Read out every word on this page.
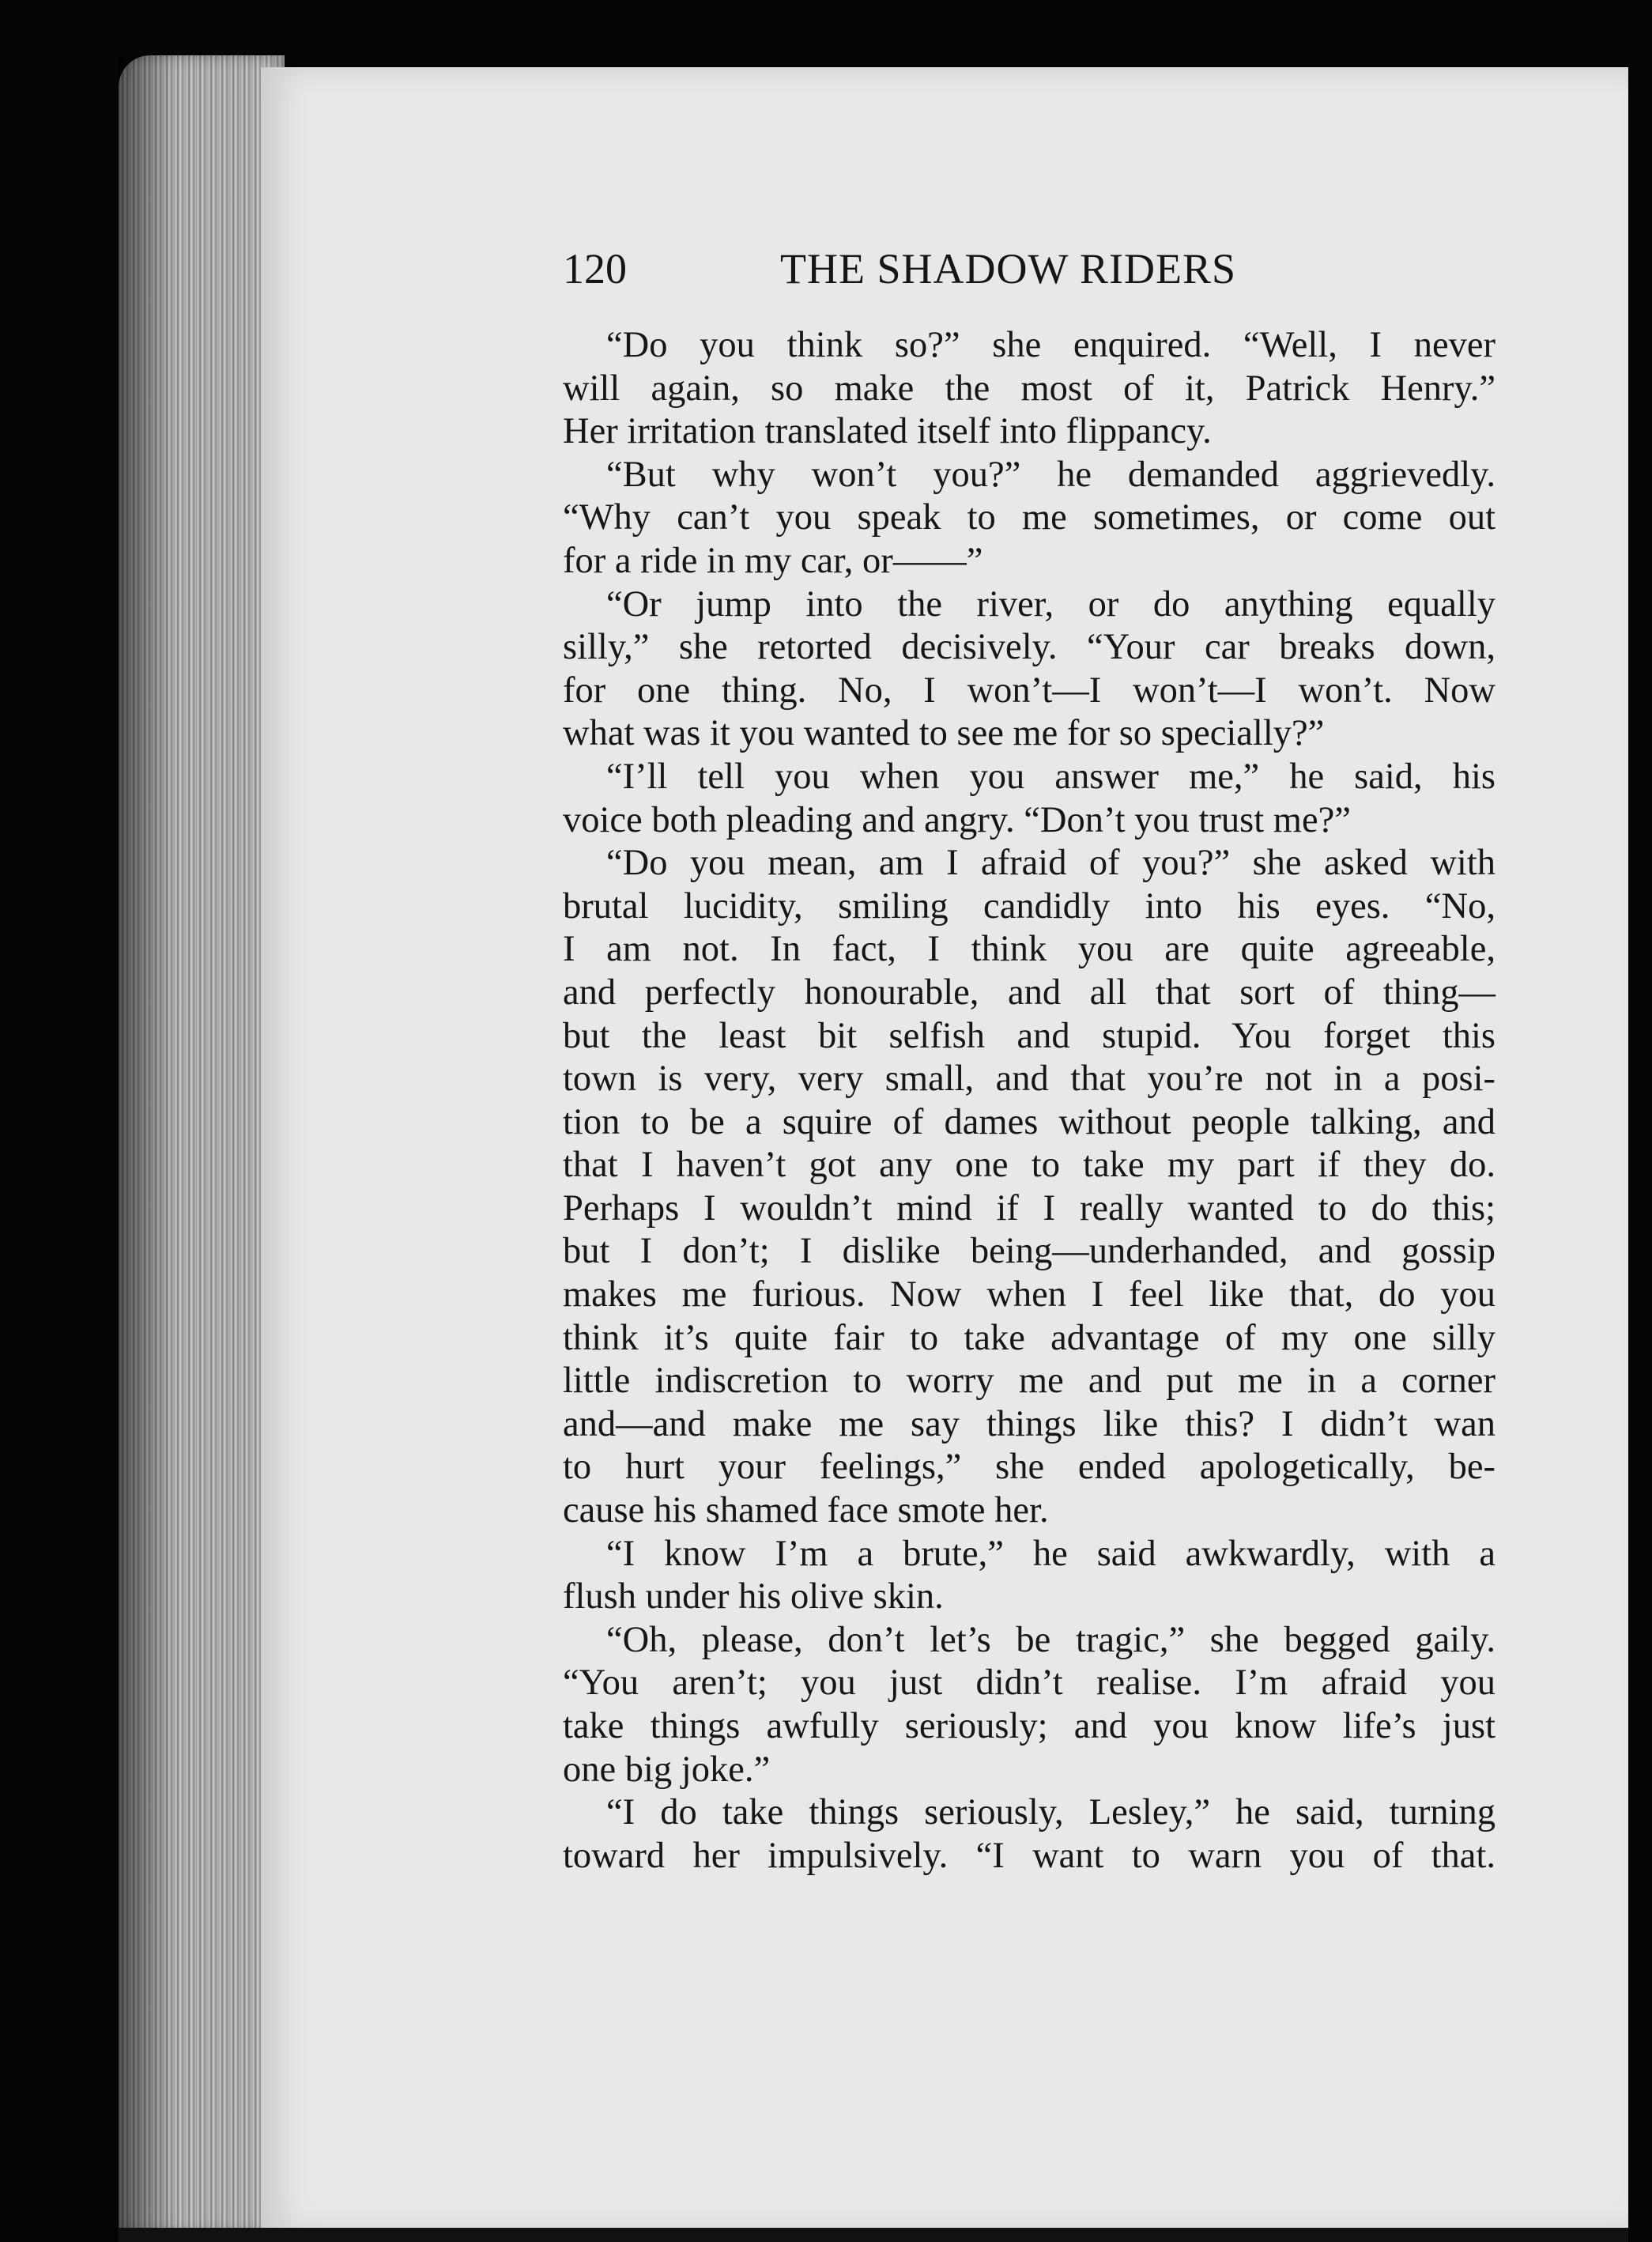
120	THE SHADOW RIDERS
“Do you think so?” she enquired. “Well, I never
will again, so make the most of it, Patrick Henry.”
Her irritation translated itself into flippancy.
“But why won’t you?” he demanded aggrievedly.
“Why can’t you speak to me sometimes, or come out
for a ride in my car, or——”
“Or jump into the river, or do anything equally
silly,” she retorted decisively. “Your car breaks down,
for one thing. No, I won’t—I won’t—I won’t. Now
what was it you wanted to see me for so specially?”
“I’ll tell you when you answer me,” he said, his
voice both pleading and angry. “Don’t you trust me?”
“Do you mean, am I afraid of you?” she asked with
brutal lucidity, smiling candidly into his eyes. “No,
I am not. In fact, I think you are quite agreeable,
and perfectly honourable, and all that sort of thing—
but the least bit selfish and stupid. You forget this
town is very, very small, and that you’re not in a posi-
tion to be a squire of dames without people talking, and
that I haven’t got any one to take my part if they do.
Perhaps I wouldn’t mind if I really wanted to do this;
but I don’t; I dislike being—underhanded, and gossip
makes me furious. Now when I feel like that, do you
think it’s quite fair to take advantage of my one silly
little indiscretion to worry me and put me in a corner
and—and make me say things like this? I didn’t wan
to hurt your feelings,” she ended apologetically, be-
cause his shamed face smote her.
“I know I’m a brute,” he said awkwardly, with a
flush under his olive skin.
“Oh, please, don’t let’s be tragic,” she begged gaily.
“You aren’t; you just didn’t realise. I’m afraid you
take things awfully seriously; and you know life’s just
one big joke.”
“I do take things seriously, Lesley,” he said, turning
toward her impulsively. “I want to warn you of that.
